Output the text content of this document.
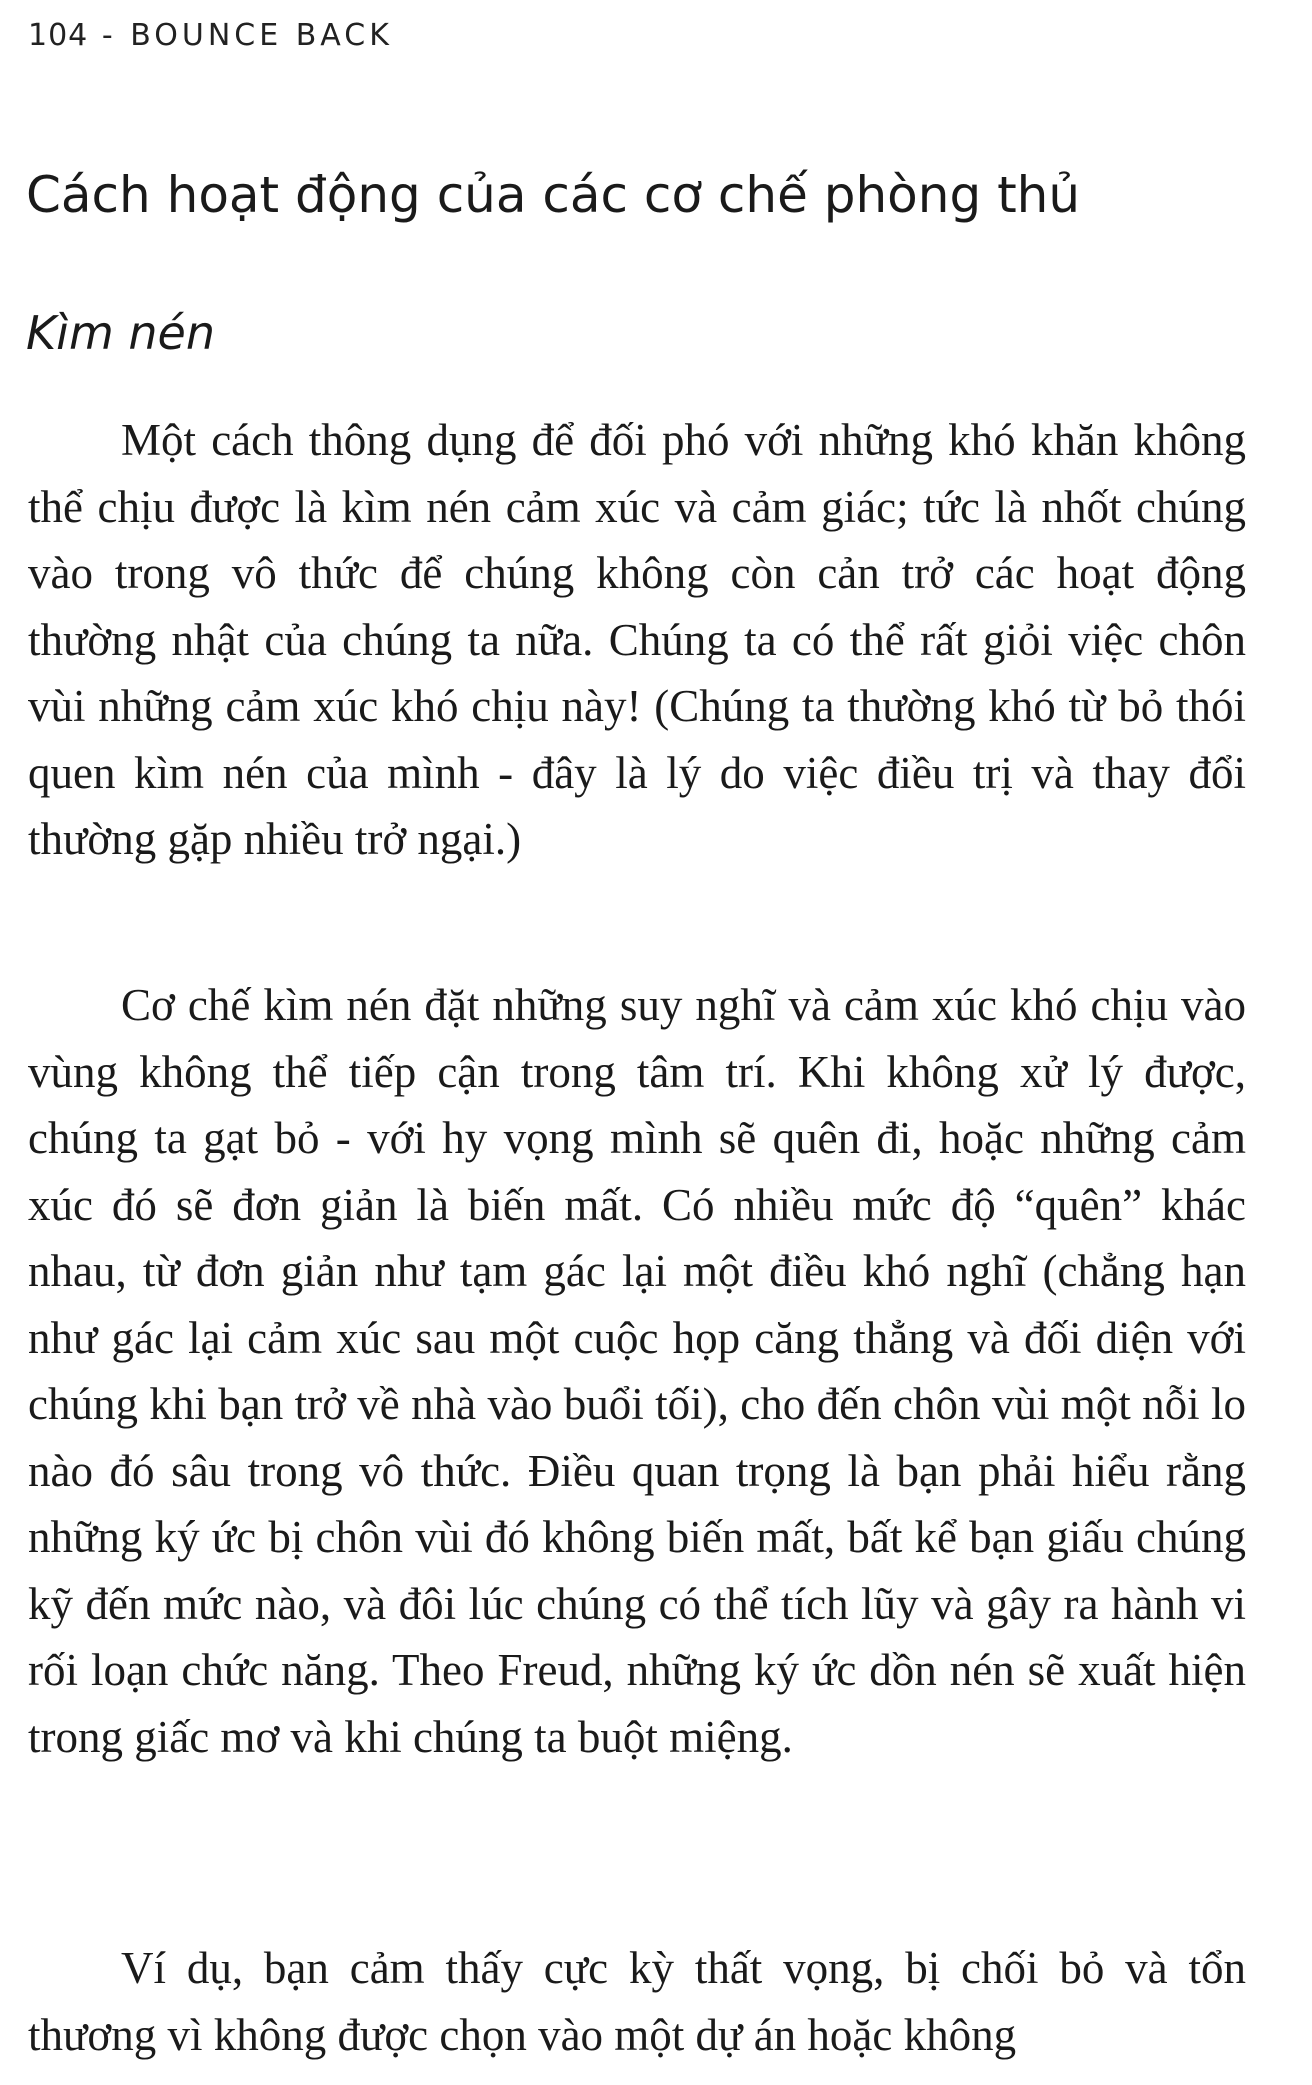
104 - BOUNCE BACK
Cách hoạt động của các cơ chế phòng thủ
Kìm nén

Một cách thông dụng để đối phó với những khó khăn không thể chịu được là kìm nén cảm xúc và cảm giác; tức là nhốt chúng vào trong vô thức để chúng không còn cản trở các hoạt động thường nhật của chúng ta nữa. Chúng ta có thể rất giỏi việc chôn vùi những cảm xúc khó chịu này! (Chúng ta thường khó từ bỏ thói quen kìm nén của mình - đây là lý do việc điều trị và thay đổi thường gặp nhiều trở ngại.)

Cơ chế kìm nén đặt những suy nghĩ và cảm xúc khó chịu vào vùng không thể tiếp cận trong tâm trí. Khi không xử lý được, chúng ta gạt bỏ - với hy vọng mình sẽ quên đi, hoặc những cảm xúc đó sẽ đơn giản là biến mất. Có nhiều mức độ “quên” khác nhau, từ đơn giản như tạm gác lại một điều khó nghĩ (chẳng hạn như gác lại cảm xúc sau một cuộc họp căng thẳng và đối diện với chúng khi bạn trở về nhà vào buổi tối), cho đến chôn vùi một nỗi lo nào đó sâu trong vô thức. Điều quan trọng là bạn phải hiểu rằng những ký ức bị chôn vùi đó không biến mất, bất kể bạn giấu chúng kỹ đến mức nào, và đôi lúc chúng có thể tích lũy và gây ra hành vi rối loạn chức năng. Theo Freud, những ký ức dồn nén sẽ xuất hiện trong giấc mơ và khi chúng ta buột miệng.

Ví dụ, bạn cảm thấy cực kỳ thất vọng, bị chối bỏ và tổn thương vì không được chọn vào một dự án hoặc không
